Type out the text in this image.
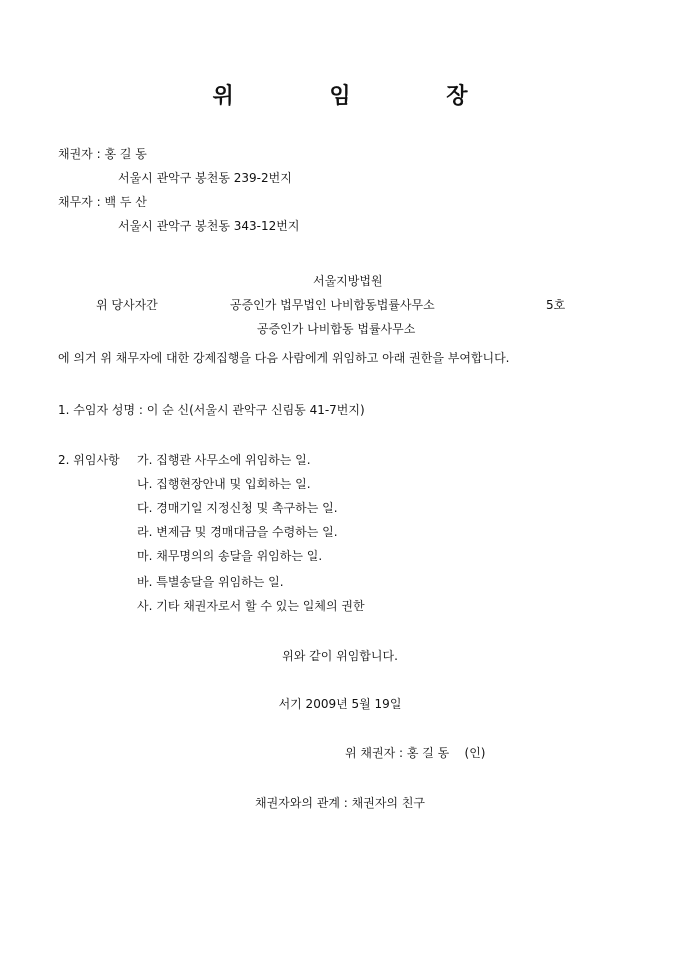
위 임 장
채권자 : 홍 길 동
서울시 관악구 봉천동 239-2번지
채무자 : 백 두 산
서울시 관악구 봉천동 343-12번지
서울지방법원
위 당사자간	공증인가 법무법인 나비합동법률사무소	5호
공증인가 나비합동 법률사무소
에 의거 위 채무자에 대한 강제집행을 다음 사람에게 위임하고 아래 권한을 부여합니다.
1. 수임자 성명 : 이 순 신(서울시 관악구 신림동 41-7번지)
2. 위임사항 가. 집행관 사무소에 위임하는 일.
나. 집행현장안내 및 입회하는 일.
다. 경매기일 지정신청 및 촉구하는 일.
라. 변제금 및 경매대금을 수령하는 일.
마. 채무명의의 송달을 위임하는 일.
바. 특별송달을 위임하는 일.
사. 기타 채권자로서 할 수 있는 일체의 권한
위와 같이 위임합니다.
서기 2009년 5월 19일
위 채권자 : 홍 길 동    (인)
채권자와의 관계 : 채권자의 친구
